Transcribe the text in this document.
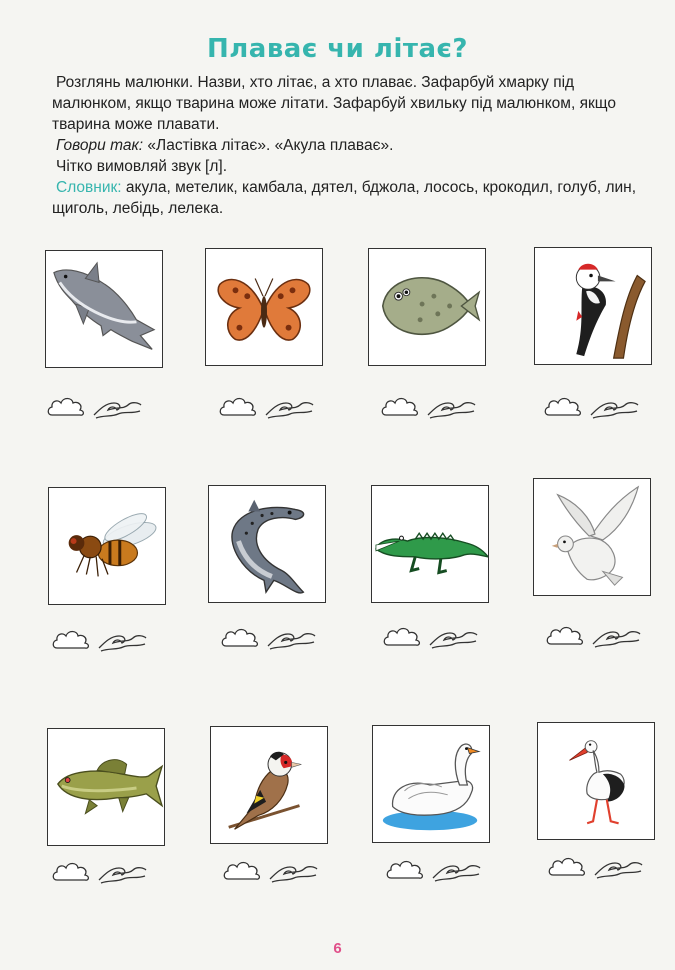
Плаває чи літає?

Розглянь малюнки. Назви, хто літає, а хто плаває. Зафарбуй хмарку під малюнком, якщо тварина може літати. Зафарбуй хвильку під малюнком, якщо тварина може плавати.

Говори так: «Ластівка літає». «Акула плаває».

Чітко вимовляй звук [л].

Словник: акула, метелик, камбала, дятел, бджола, лосось, крокодил, голуб, лин, щиголь, лебідь, лелека.

6
